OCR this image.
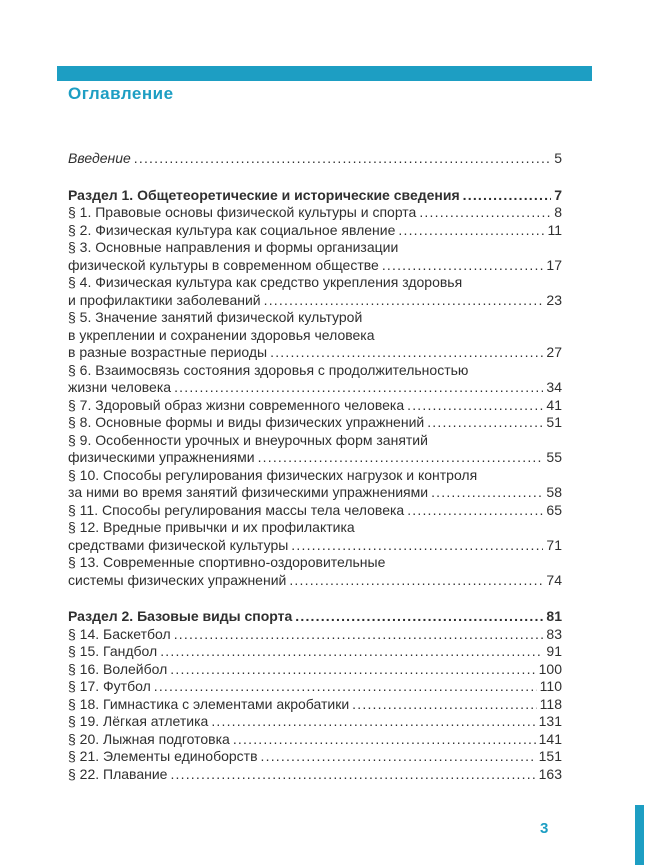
Оглавление
Введение .....	5
Раздел 1. Общетеоретические и исторические сведения .....	7
§ 1. Правовые основы физической культуры и спорта .....	8
§ 2. Физическая культура как социальное явление .....	11
§ 3. Основные направления и формы организации
физической культуры в современном обществе .....	17
§ 4. Физическая культура как средство укрепления здоровья
и профилактики заболеваний .....	23
§ 5. Значение занятий физической культурой
в укреплении и сохранении здоровья человека
в разные возрастные периоды .....	27
§ 6. Взаимосвязь состояния здоровья с продолжительностью
жизни человека .....	34
§ 7. Здоровый образ жизни современного человека .....	41
§ 8. Основные формы и виды физических упражнений .....	51
§ 9. Особенности урочных и внеурочных форм занятий
физическими упражнениями .....	55
§ 10. Способы регулирования физических нагрузок и контроля
за ними во время занятий физическими упражнениями .....	58
§ 11. Способы регулирования массы тела человека .....	65
§ 12. Вредные привычки и их профилактика
средствами физической культуры .....	71
§ 13. Современные спортивно-оздоровительные
системы физических упражнений .....	74
Раздел 2. Базовые виды спорта .....	81
§ 14. Баскетбол .....	83
§ 15. Гандбол .....	91
§ 16. Волейбол .....	100
§ 17. Футбол .....	110
§ 18. Гимнастика с элементами акробатики .....	118
§ 19. Лёгкая атлетика .....	131
§ 20. Лыжная подготовка .....	141
§ 21. Элементы единоборств .....	151
§ 22. Плавание .....	163
3
